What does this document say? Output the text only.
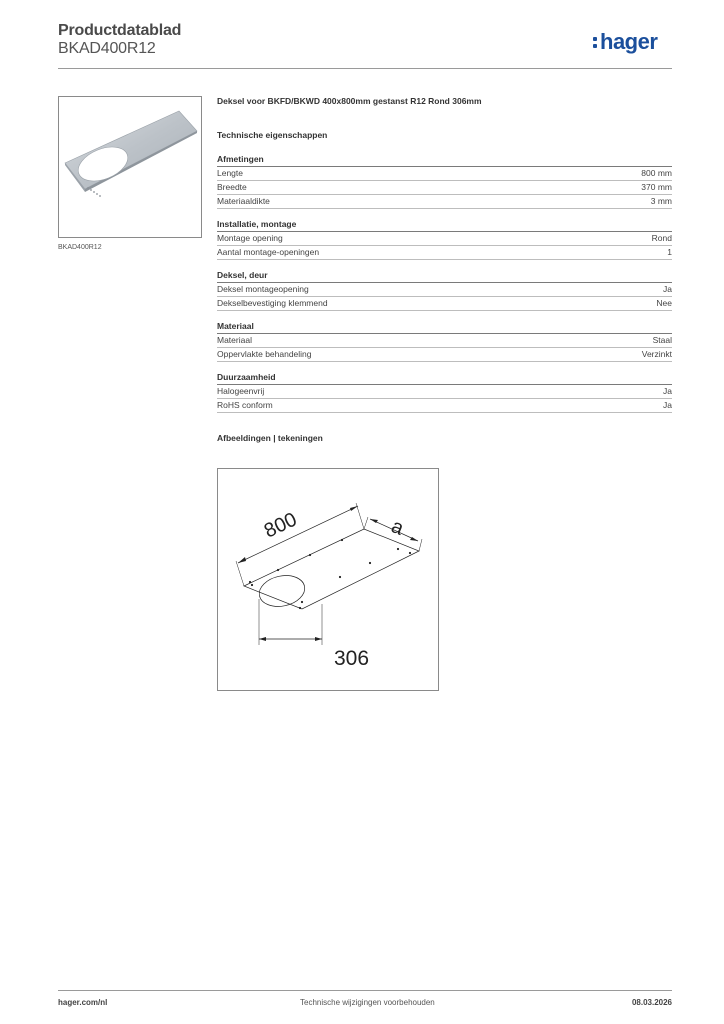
Productdatablad
BKAD400R12	hager
BKAD400R12
Deksel voor BKFD/BKWD 400x800mm gestanst R12 Rond 306mm
Technische eigenschappen
Afmetingen
Lengte	800 mm
Breedte	370 mm
Materiaaldikte	3 mm
Installatie, montage
Montage opening	Rond
Aantal montage-openingen	1
Deksel, deur
Deksel montageopening	Ja
Dekselbevestiging klemmend	Nee
Materiaal
Materiaal	Staal
Oppervlakte behandeling	Verzinkt
Duurzaamheid
Halogeenvrij	Ja
RoHS conform	Ja
Afbeeldingen | tekeningen
800	a
306
hager.com/nl	Technische wijzigingen voorbehouden	08.03.2026
